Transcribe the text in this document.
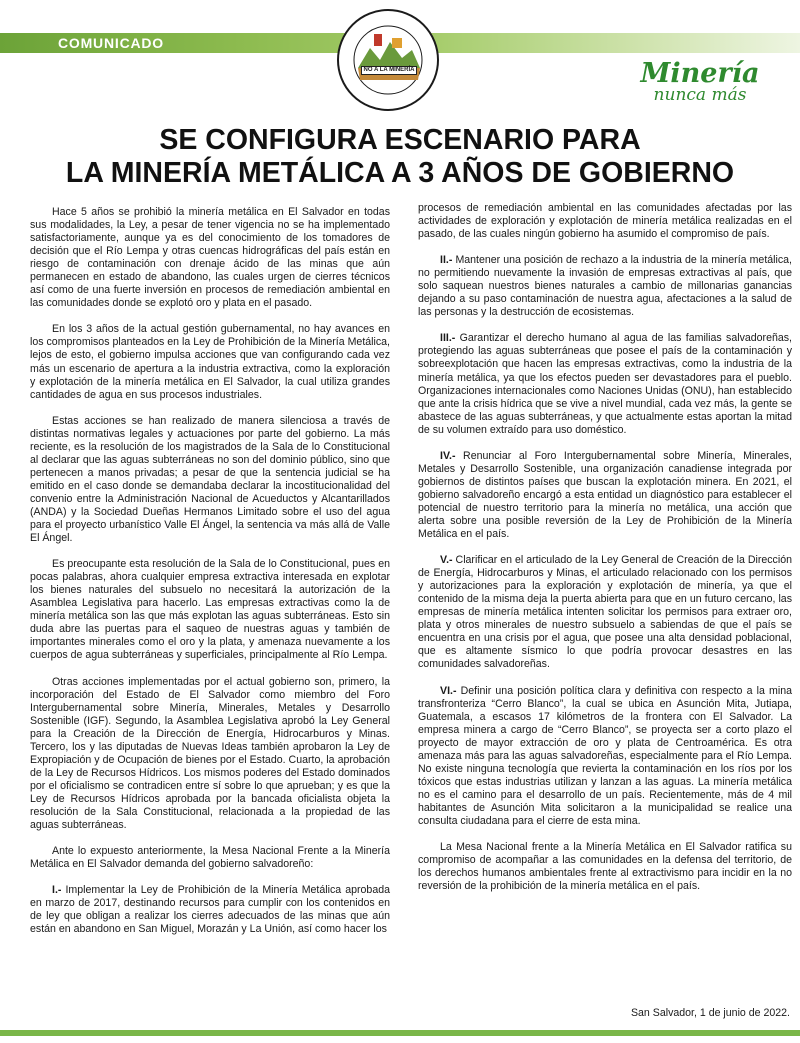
COMUNICADO
NO A LA MINERÍA	Minería
nunca más
SE CONFIGURA ESCENARIO PARA
LA MINERÍA METÁLICA A 3 AÑOS DE GOBIERNO

Hace 5 años se prohibió la minería metálica en El Salvador en todas sus modalidades, la Ley, a pesar de tener vigencia no se ha implementado satisfactoriamente, aunque ya es del conocimiento de los tomadores de decisión que el Río Lempa y otras cuencas hidrográficas del país están en riesgo de contaminación con drenaje ácido de las minas que aún permanecen en estado de abandono, las cuales urgen de cierres técnicos así como de una fuerte inversión en procesos de remediación ambiental en las comunidades donde se explotó oro y plata en el pasado.

En los 3 años de la actual gestión gubernamental, no hay avances en los compromisos planteados en la Ley de Prohibición de la Minería Metálica, lejos de esto, el gobierno impulsa acciones que van configurando cada vez más un escenario de apertura a la industria extractiva, como la exploración y explotación de la minería metálica en El Salvador, la cual utiliza grandes cantidades de agua en sus procesos industriales.

Estas acciones se han realizado de manera silenciosa a través de distintas normativas legales y actuaciones por parte del gobierno. La más reciente, es la resolución de los magistrados de la Sala de lo Constitucional al declarar que las aguas subterráneas no son del dominio público, sino que pertenecen a manos privadas; a pesar de que la sentencia judicial se ha emitido en el caso donde se demandaba declarar la incostitucionalidad del convenio entre la Administración Nacional de Acueductos y Alcantarillados (ANDA) y la Sociedad Dueñas Hermanos Limitado sobre el uso del agua para el proyecto urbanístico Valle El Ángel, la sentencia va más allá de Valle El Ángel.

Es preocupante esta resolución de la Sala de lo Constitucional, pues en pocas palabras, ahora cualquier empresa extractiva interesada en explotar los bienes naturales del subsuelo no necesitará la autorización de la Asamblea Legislativa para hacerlo. Las empresas extractivas como la de minería metálica son las que más explotan las aguas subterráneas. Esto sin duda abre las puertas para el saqueo de nuestras aguas y también de importantes minerales como el oro y la plata, y amenaza nuevamente a los cuerpos de agua subterráneas y superficiales, principalmente al Río Lempa.

Otras acciones implementadas por el actual gobierno son, primero, la incorporación del Estado de El Salvador como miembro del Foro Intergubernamental sobre Minería, Minerales, Metales y Desarrollo Sostenible (IGF). Segundo, la Asamblea Legislativa aprobó la Ley General para la Creación de la Dirección de Energía, Hidrocarburos y Minas. Tercero, los y las diputadas de Nuevas Ideas también aprobaron la Ley de Expropiación y de Ocupación de bienes por el Estado. Cuarto, la aprobación de la Ley de Recursos Hídricos. Los mismos poderes del Estado dominados por el oficialismo se contradicen entre sí sobre lo que aprueban; y es que la Ley de Recursos Hídricos aprobada por la bancada oficialista objeta la resolución de la Sala Constitucional, relacionada a la propiedad de las aguas subterráneas.

Ante lo expuesto anteriormente, la Mesa Nacional Frente a la Minería Metálica en El Salvador demanda del gobierno salvadoreño:

I.- Implementar la Ley de Prohibición de la Minería Metálica aprobada en marzo de 2017, destinando recursos para cumplir con los contenidos en de ley que obligan a realizar los cierres adecuados de las minas que aún están en abandono en San Miguel, Morazán y La Unión, así como hacer los

procesos de remediación ambiental en las comunidades afectadas por las actividades de exploración y explotación de minería metálica realizadas en el pasado, de las cuales ningún gobierno ha asumido el compromiso de país.

II.- Mantener una posición de rechazo a la industria de la minería metálica, no permitiendo nuevamente la invasión de empresas extractivas al país, que solo saquean nuestros bienes naturales a cambio de millonarias ganancias dejando a su paso contaminación de nuestra agua, afectaciones a la salud de las personas y la destrucción de ecosistemas.

III.- Garantizar el derecho humano al agua de las familias salvadoreñas, protegiendo las aguas subterráneas que posee el país de la contaminación y sobreexplotación que hacen las empresas extractivas, como la industria de la minería metálica, ya que los efectos pueden ser devastadores para el pueblo. Organizaciones internacionales como Naciones Unidas (ONU), han establecido que ante la crisis hídrica que se vive a nivel mundial, cada vez más, la gente se abastece de las aguas subterráneas, y que actualmente estas aportan la mitad de su volumen extraído para uso doméstico.

IV.- Renunciar al Foro Intergubernamental sobre Minería, Minerales, Metales y Desarrollo Sostenible, una organización canadiense integrada por gobiernos de distintos países que buscan la explotación minera. En 2021, el gobierno salvadoreño encargó a esta entidad un diagnóstico para establecer el potencial de nuestro territorio para la minería no metálica, una acción que alerta sobre una posible reversión de la Ley de Prohibición de la Minería Metálica en el país.

V.- Clarificar en el articulado de la Ley General de Creación de la Dirección de Energía, Hidrocarburos y Minas, el articulado relacionado con los permisos y autorizaciones para la exploración y explotación de minería, ya que el contenido de la misma deja la puerta abierta para que en un futuro cercano, las empresas de minería metálica intenten solicitar los permisos para extraer oro, plata y otros minerales de nuestro subsuelo a sabiendas de que el país se encuentra en una crisis por el agua, que posee una alta densidad poblacional, que es altamente sísmico lo que podría provocar desastres en las comunidades salvadoreñas.

VI.- Definir una posición política clara y definitiva con respecto a la mina transfronteriza “Cerro Blanco”, la cual se ubica en Asunción Mita, Jutiapa, Guatemala, a escasos 17 kilómetros de la frontera con El Salvador. La empresa minera a cargo de “Cerro Blanco”, se proyecta ser a corto plazo el proyecto de mayor extracción de oro y plata de Centroamérica. Es otra amenaza más para las aguas salvadoreñas, especialmente para el Río Lempa. No existe ninguna tecnología que revierta la contaminación en los ríos por los tóxicos que estas industrias utilizan y lanzan a las aguas. La minería metálica no es el camino para el desarrollo de un país. Recientemente, más de 4 mil habitantes de Asunción Mita solicitaron a la municipalidad se realice una consulta ciudadana para el cierre de esta mina.

La Mesa Nacional frente a la Minería Metálica en El Salvador ratifica su compromiso de acompañar a las comunidades en la defensa del territorio, de los derechos humanos ambientales frente al extractivismo para incidir en la no reversión de la prohibición de la minería metálica en el país.

San Salvador, 1 de junio de 2022.
